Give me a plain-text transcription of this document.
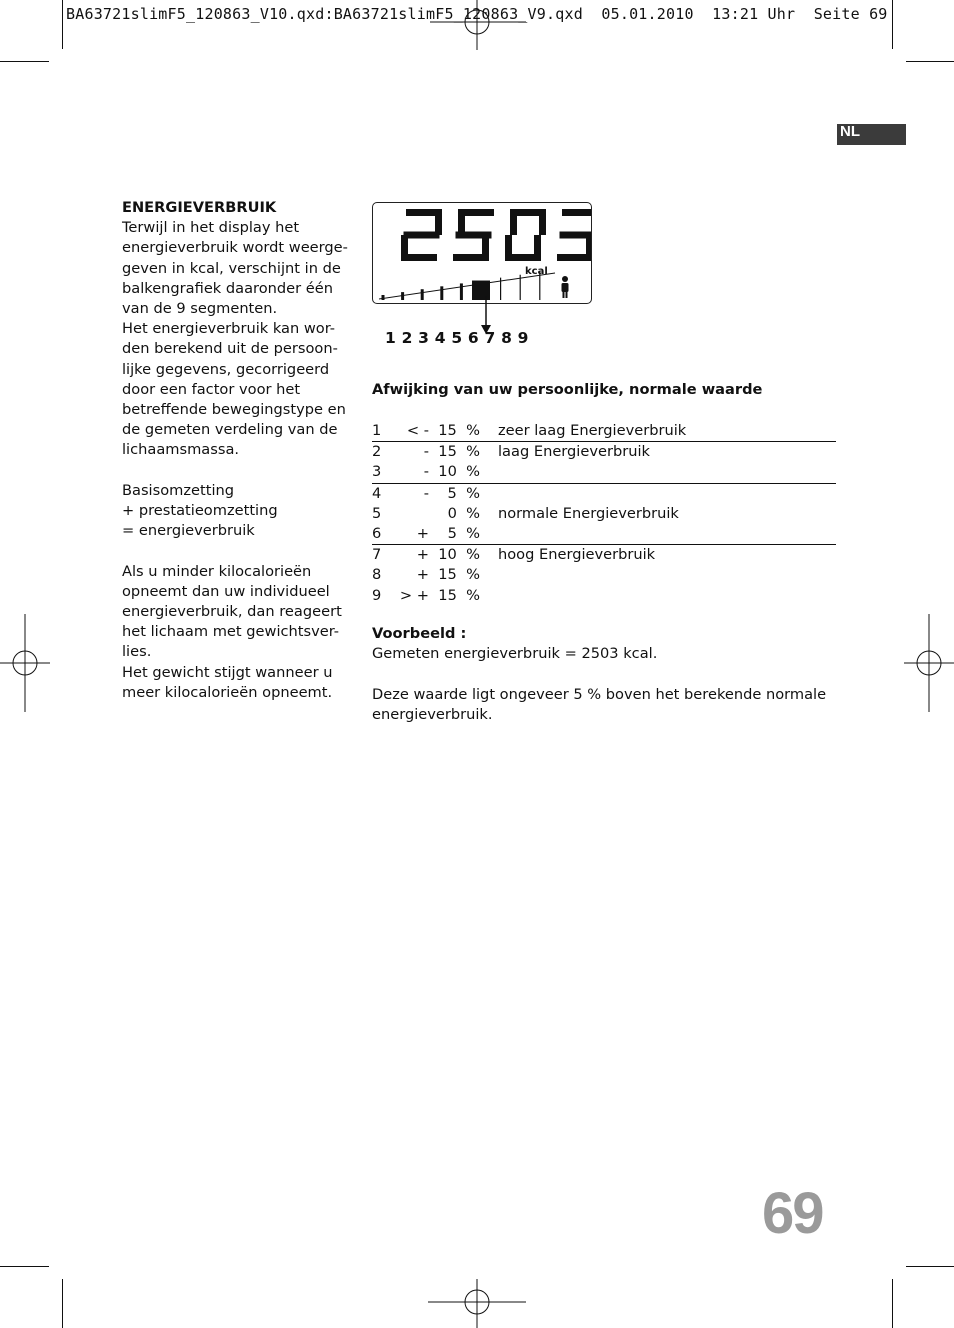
BA63721slimF5_120863_V10.qxd:BA63721slimF5_120863_V9.qxd  05.01.2010  13:21 Uhr  Seite 69
NL
ENERGIEVERBRUIK

Terwijl in het display het

energieverbruik wordt weerge-

geven in kcal, verschijnt in de

balkengrafiek daaronder één

van de 9 segmenten.

Het energieverbruik kan wor-

den berekend uit de persoon-

lijke gegevens, gecorrigeerd

door een factor voor het

betreffende bewegingstype en

de gemeten verdeling van de

lichaamsmassa.

Basisomzetting

+ prestatieomzetting

= energieverbruik

Als u minder kilocalorieën

opneemt dan uw individueel

energieverbruik, dan reageert

het lichaam met gewichtsver-

lies.

Het gewicht stijgt wanneer u

meer kilocalorieën opneemt.

kcal
1 2 3 4 5 6 7 8 9
Afwijking van uw persoonlijke, normale waarde
1	< -  15  % zeer laag Energieverbruik
2	-  15  % laag Energieverbruik
3	-  10  %
4	-    5  %
5	0  % normale Energieverbruik
6	+    5  %
7	+  10  % hoog Energieverbruik
8	+  15  %
9	> +  15  %

Voorbeeld :

Gemeten energieverbruik = 2503 kcal.

Deze waarde ligt ongeveer 5 % boven het berekende normale

energieverbruik.

69
